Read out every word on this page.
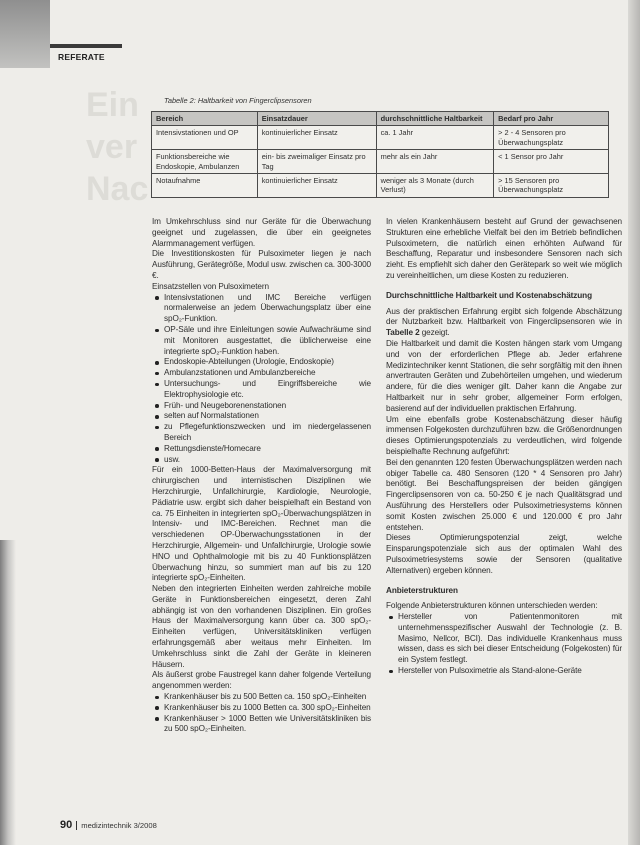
REFERATE
Ein
ver
Nac
Tabelle 2: Haltbarkeit von Fingerclipsensoren
Bereich	Einsatzdauer	durchschnittliche Haltbarkeit	Bedarf pro Jahr
Intensivstationen und OP	kontinuierlicher Einsatz	ca. 1 Jahr	> 2 - 4 Sensoren pro Überwachungsplatz
Funktionsbereiche wie Endoskopie, Ambulanzen	ein- bis zweimaliger Einsatz pro Tag	mehr als ein Jahr	< 1 Sensor pro Jahr
Notaufnahme	kontinuierlicher Einsatz	weniger als 3 Monate (durch Verlust)	> 15 Sensoren pro Überwachungsplatz

Im Umkehrschluss sind nur Geräte für die Überwachung geeignet und zugelassen, die über ein geeignetes Alarmmanagement verfügen.

Die Investitionskosten für Pulsoximeter liegen je nach Ausführung, Gerätegröße, Modul usw. zwischen ca. 300-3000 €.

Einsatzstellen von Pulsoximetern

Intensivstationen und IMC Bereiche verfügen normalerweise an jedem Überwachungsplatz über eine spO₂-Funktion.
OP-Säle und ihre Einleitungen sowie Aufwachräume sind mit Monitoren ausgestattet, die üblicherweise eine integrierte spO₂-Funktion haben.
Endoskopie-Abteilungen (Urologie, Endoskopie)
Ambulanzstationen und Ambulanzbereiche
Untersuchungs- und Eingriffsbereiche wie Elektrophysiologie etc.
Früh- und Neugeborenenstationen
selten auf Normalstationen
zu Pflegefunktionszwecken und im niedergelassenen Bereich
Rettungsdienste/Homecare
usw.

Für ein 1000-Betten-Haus der Maximalversorgung mit chirurgischen und internistischen Disziplinen wie Herzchirurgie, Unfallchirurgie, Kardiologie, Neurologie, Pädiatrie usw. ergibt sich daher beispielhaft ein Bestand von ca. 75 Einheiten in integrierten spO₂-Überwachungsplätzen in Intensiv- und IMC-Bereichen. Rechnet man die verschiedenen OP-Überwachungsstationen in der Herzchirurgie, Allgemein- und Unfallchirurgie, Urologie sowie HNO und Ophthalmologie mit bis zu 40 Funktionsplätzen Überwachung hinzu, so summiert man auf bis zu 120 integrierte spO₂-Einheiten.

Neben den integrierten Einheiten werden zahlreiche mobile Geräte in Funktionsbereichen eingesetzt, deren Zahl abhängig ist von den vorhandenen Disziplinen. Ein großes Haus der Maximalversorgung kann über ca. 300 spO₂-Einheiten verfügen, Universitätskliniken verfügen erfahrungsgemäß aber weitaus mehr Einheiten. Im Umkehrschluss sinkt die Zahl der Geräte in kleineren Häusern.

Als äußerst grobe Faustregel kann daher folgende Verteilung angenommen werden:

Krankenhäuser bis zu 500 Betten ca. 150 spO₂-Einheiten
Krankenhäuser bis zu 1000 Betten ca. 300 spO₂-Einheiten
Krankenhäuser > 1000 Betten wie Universitätskliniken bis zu 500 spO₂-Einheiten.

In vielen Krankenhäusern besteht auf Grund der gewachsenen Strukturen eine erhebliche Vielfalt bei den im Betrieb befindlichen Pulsoximetern, die natürlich einen erhöhten Aufwand für Beschaffung, Reparatur und insbesondere Sensoren nach sich zieht. Es empfiehlt sich daher den Gerätepark so weit wie möglich zu vereinheitlichen, um diese Kosten zu reduzieren.

Durchschnittliche Haltbarkeit und Kostenabschätzung

Aus der praktischen Erfahrung ergibt sich folgende Abschätzung der Nutzbarkeit bzw. Haltbarkeit von Fingerclipsensoren wie in Tabelle 2 gezeigt.

Die Haltbarkeit und damit die Kosten hängen stark vom Umgang und von der erforderlichen Pflege ab. Jeder erfahrene Medizintechniker kennt Stationen, die sehr sorgfältig mit den ihnen anvertrauten Geräten und Zubehörteilen umgehen, und wiederum andere, für die dies weniger gilt. Daher kann die Angabe zur Haltbarkeit nur in sehr grober, allgemeiner Form erfolgen, basierend auf der individuellen praktischen Erfahrung.

Um eine ebenfalls grobe Kostenabschätzung dieser häufig immensen Folgekosten durchzuführen bzw. die Größenordnungen dieses Optimierungspotenzials zu verdeutlichen, wird folgende beispielhafte Rechnung aufgeführt:

Bei den genannten 120 festen Überwachungsplätzen werden nach obiger Tabelle ca. 480 Sensoren (120 * 4 Sensoren pro Jahr) benötigt. Bei Beschaffungspreisen der beiden gängigen Fingerclipsensoren von ca. 50-250 € je nach Qualitätsgrad und Ausführung des Herstellers oder Pulsoximetriesystems können somit Kosten zwischen 25.000 € und 120.000 € pro Jahr entstehen.

Dieses Optimierungspotenzial zeigt, welche Einsparungspotenziale sich aus der optimalen Wahl des Pulsoximetriesystems sowie der Sensoren (qualitative Alternativen) ergeben können.

Anbieterstrukturen

Folgende Anbieterstrukturen können unterschieden werden:

Hersteller von Patientenmonitoren mit unternehmensspezifischer Auswahl der Technologie (z. B. Masimo, Nellcor, BCI). Das individuelle Krankenhaus muss wissen, dass es sich bei dieser Entscheidung (Folgekosten) für ein System festlegt.
Hersteller von Pulsoximetrie als Stand-alone-Geräte
90 medizintechnik 3/2008
